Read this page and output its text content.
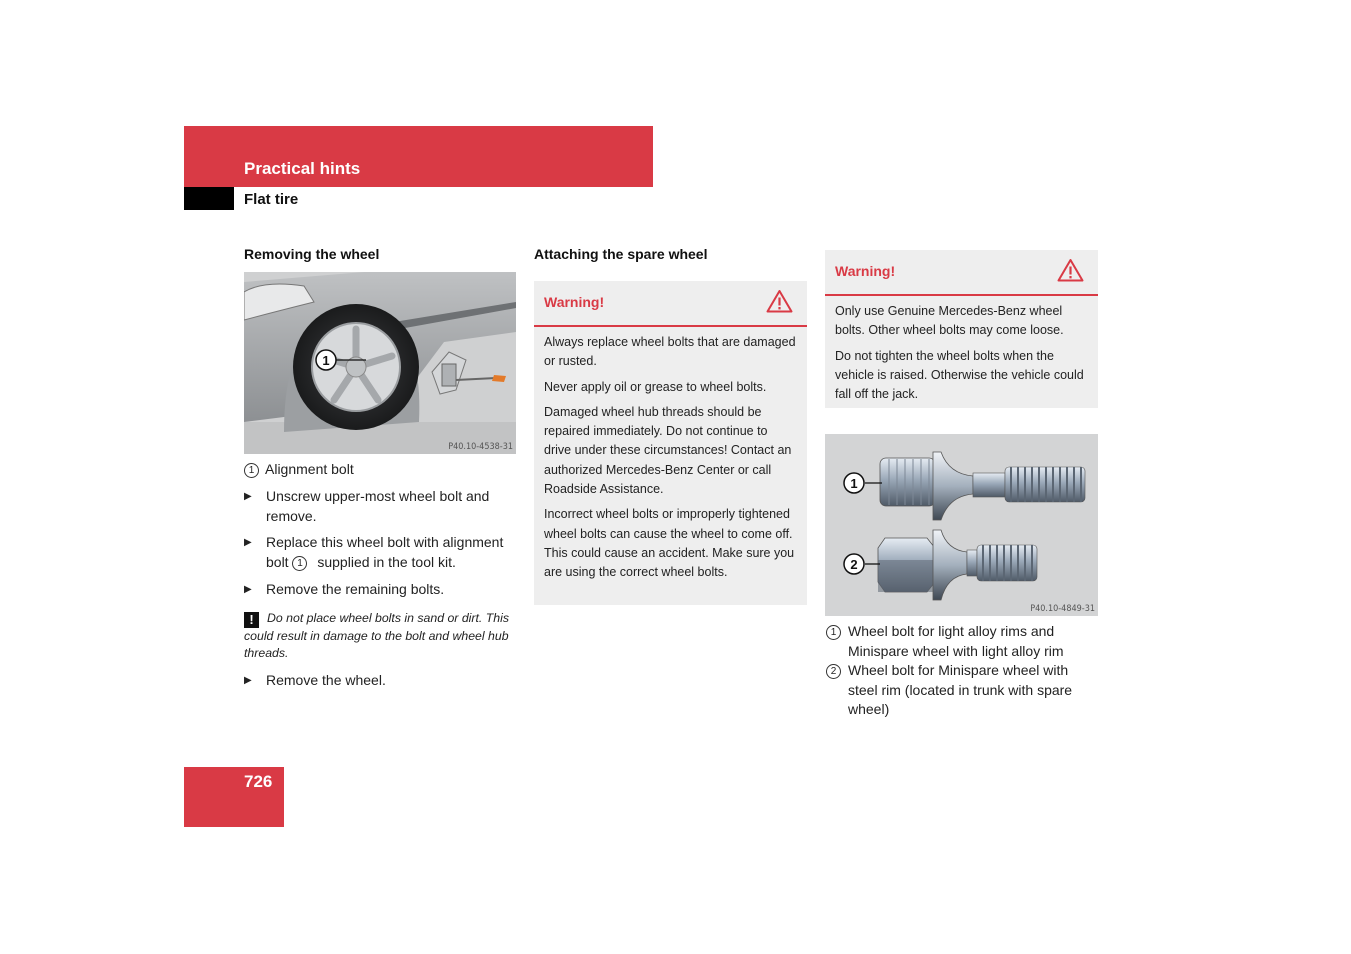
Practical hints
Flat tire
Removing the wheel
1
P40.10-4538-31
1 Alignment bolt
▶ Unscrew upper-most wheel bolt and remove.
▶ Replace this wheel bolt with alignment bolt 1 supplied in the tool kit.
▶ Remove the remaining bolts.
! Do not place wheel bolts in sand or dirt. This could result in damage to the bolt and wheel hub threads.
▶ Remove the wheel.
Attaching the spare wheel
Warning!

Always replace wheel bolts that are damaged or rusted.

Never apply oil or grease to wheel bolts.

Damaged wheel hub threads should be repaired immediately. Do not continue to drive under these circumstances! Contact an authorized Mercedes-Benz Center or call Roadside Assistance.

Incorrect wheel bolts or improperly tightened wheel bolts can cause the wheel to come off. This could cause an accident. Make sure you are using the correct wheel bolts.

Warning!

Only use Genuine Mercedes-Benz wheel bolts. Other wheel bolts may come loose.

Do not tighten the wheel bolts when the vehicle is raised. Otherwise the vehicle could fall off the jack.

1
2
P40.10-4849-31
1 Wheel bolt for light alloy rims and Minispare wheel with light alloy rim
2 Wheel bolt for Minispare wheel with steel rim (located in trunk with spare wheel)
726
